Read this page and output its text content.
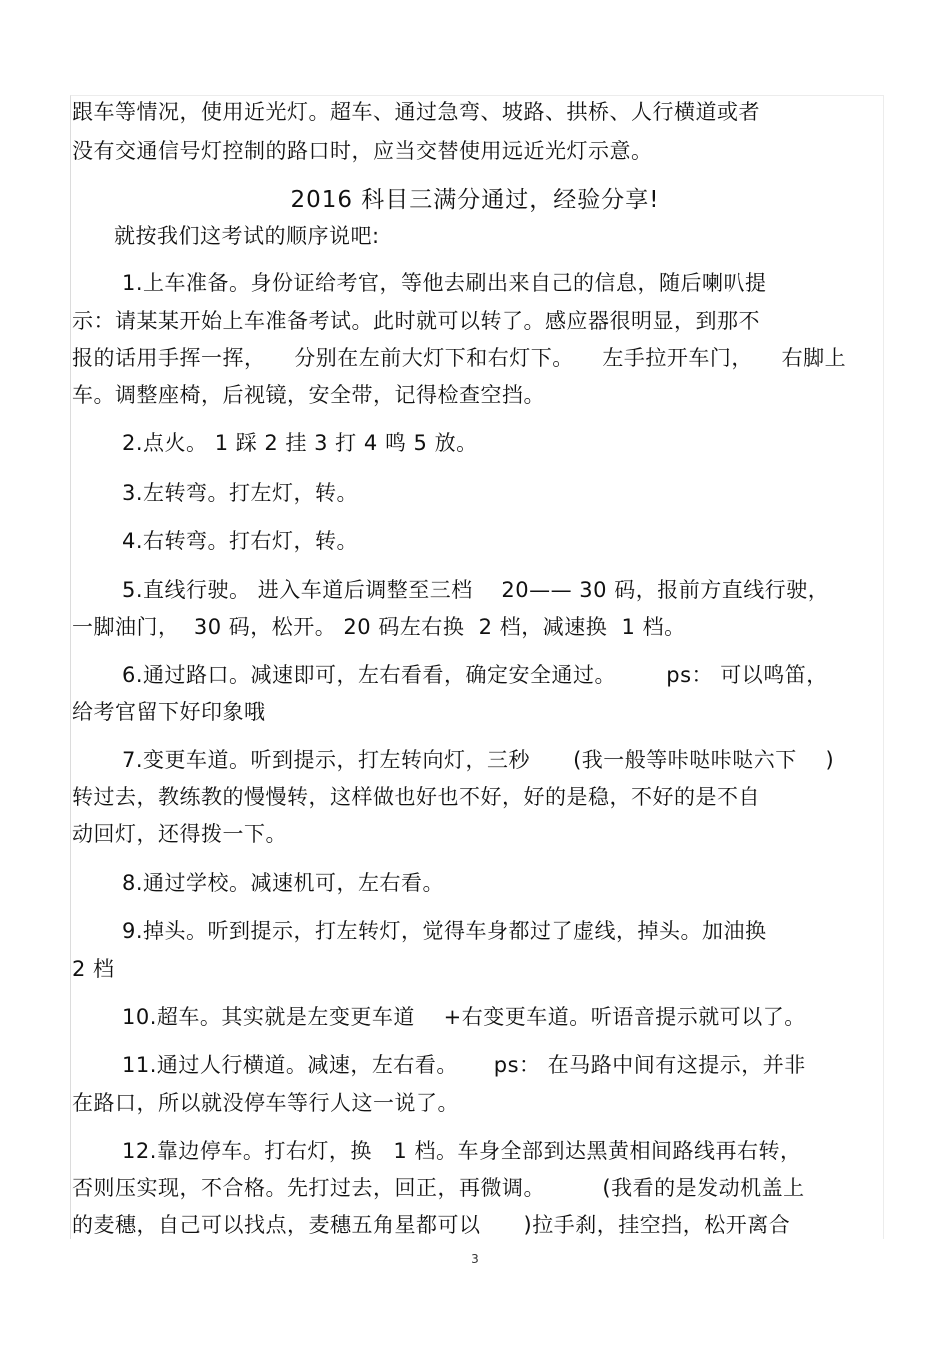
跟车等情况，使用近光灯。超车、通过急弯、坡路、拱桥、人行横道或者
没有交通信号灯控制的路口时，应当交替使用远近光灯示意。
2016 科目三满分通过，经验分享!
就按我们这考试的顺序说吧:
1.上车准备。身份证给考官，等他去刷出来自己的信息，随后喇叭提
示：请某某开始上车准备考试。此时就可以转了。感应器很明显，到那不
报的话用手挥一挥，    分别在左前大灯下和右灯下。    左手拉开车门，    右脚上
车。调整座椅，后视镜，安全带，记得检查空挡。
2.点火。 1 踩 2 挂 3 打 4 鸣 5 放。
3.左转弯。打左灯，转。
4.右转弯。打右灯，转。
5.直线行驶。 进入车道后调整至三档    20—— 30 码，报前方直线行驶，
一脚油门，  30 码，松开。 20 码左右换  2 档，减速换  1 档。
6.通过路口。减速即可，左右看看，确定安全通过。       ps： 可以鸣笛，
给考官留下好印象哦
7.变更车道。听到提示，打左转向灯，三秒      (我一般等咔哒咔哒六下    )
转过去，教练教的慢慢转，这样做也好也不好，好的是稳，不好的是不自
动回灯，还得拨一下。
8.通过学校。减速机可，左右看。
9.掉头。听到提示，打左转灯，觉得车身都过了虚线，掉头。加油换
2 档
10.超车。其实就是左变更车道    +右变更车道。听语音提示就可以了。
11.通过人行横道。减速，左右看。     ps： 在马路中间有这提示，并非
在路口，所以就没停车等行人这一说了。
12.靠边停车。打右灯，换   1 档。车身全部到达黑黄相间路线再右转，
否则压实现，不合格。先打过去，回正，再微调。        (我看的是发动机盖上
的麦穗，自己可以找点，麦穗五角星都可以      )拉手刹，挂空挡，松开离合
3
